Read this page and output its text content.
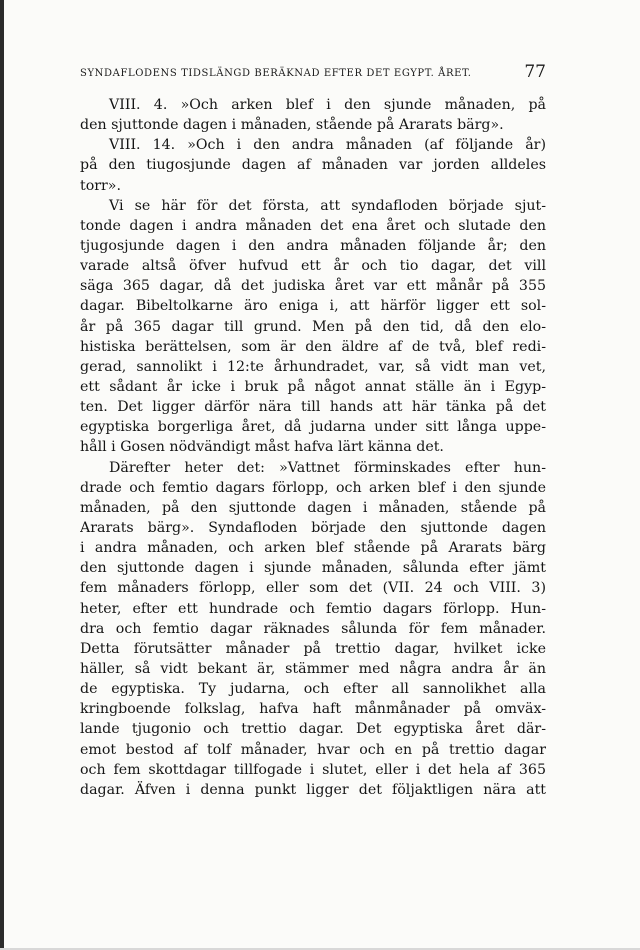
SYNDAFLODENS TIDSLÄNGD BERÄKNAD EFTER DET EGYPT. ÅRET.	77
VIII. 4. »Och arken blef i den sjunde månaden, på
den sjuttonde dagen i månaden, stående på Ararats bärg».
VIII. 14. »Och i den andra månaden (af följande år)
på den tiugosjunde dagen af månaden var jorden alldeles
torr».
Vi se här för det första, att syndafloden började sjut-
tonde dagen i andra månaden det ena året och slutade den
tjugosjunde dagen i den andra månaden följande år; den
varade altså öfver hufvud ett år och tio dagar, det vill
säga 365 dagar, då det judiska året var ett månår på 355
dagar. Bibeltolkarne äro eniga i, att härför ligger ett sol-
år på 365 dagar till grund. Men på den tid, då den elo-
histiska berättelsen, som är den äldre af de två, blef redi-
gerad, sannolikt i 12:te århundradet, var, så vidt man vet,
ett sådant år icke i bruk på något annat ställe än i Egyp-
ten. Det ligger därför nära till hands att här tänka på det
egyptiska borgerliga året, då judarna under sitt långa uppe-
håll i Gosen nödvändigt måst hafva lärt känna det.
Därefter heter det: »Vattnet förminskades efter hun-
drade och femtio dagars förlopp, och arken blef i den sjunde
månaden, på den sjuttonde dagen i månaden, stående på
Ararats bärg». Syndafloden började den sjuttonde dagen
i andra månaden, och arken blef stående på Ararats bärg
den sjuttonde dagen i sjunde månaden, sålunda efter jämt
fem månaders förlopp, eller som det (VII. 24 och VIII. 3)
heter, efter ett hundrade och femtio dagars förlopp. Hun-
dra och femtio dagar räknades sålunda för fem månader.
Detta förutsätter månader på trettio dagar, hvilket icke
häller, så vidt bekant är, stämmer med några andra år än
de egyptiska. Ty judarna, och efter all sannolikhet alla
kringboende folkslag, hafva haft månmånader på omväx-
lande tjugonio och trettio dagar. Det egyptiska året där-
emot bestod af tolf månader, hvar och en på trettio dagar
och fem skottdagar tillfogade i slutet, eller i det hela af 365
dagar. Äfven i denna punkt ligger det följaktligen nära att
